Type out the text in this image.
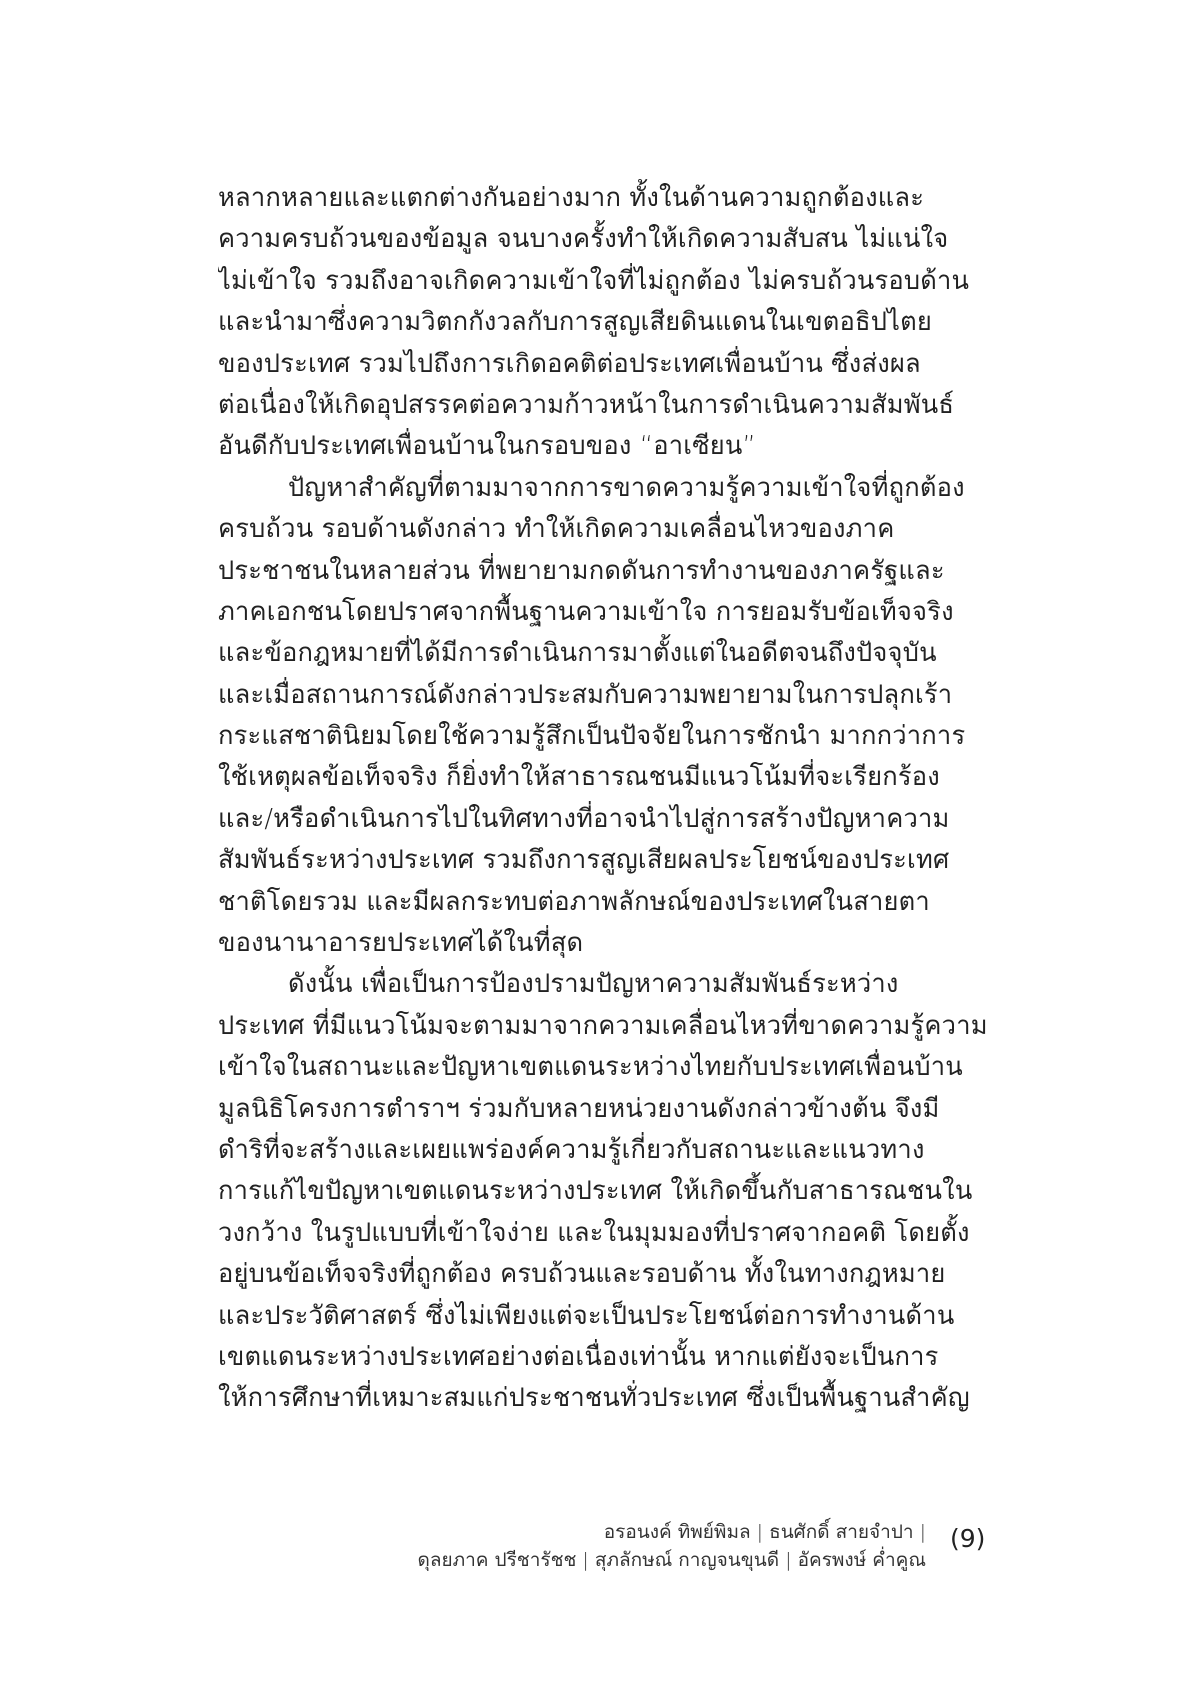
หลากหลายและแตกต่างกันอย่างมาก ทั้งในด้านความถูกต้องและ
ความครบถ้วนของข้อมูล จนบางครั้งทำให้เกิดความสับสน ไม่แน่ใจ
ไม่เข้าใจ รวมถึงอาจเกิดความเข้าใจที่ไม่ถูกต้อง ไม่ครบถ้วนรอบด้าน
และนำมาซึ่งความวิตกกังวลกับการสูญเสียดินแดนในเขตอธิปไตย
ของประเทศ รวมไปถึงการเกิดอคติต่อประเทศเพื่อนบ้าน ซึ่งส่งผล
ต่อเนื่องให้เกิดอุปสรรคต่อความก้าวหน้าในการดำเนินความสัมพันธ์
อันดีกับประเทศเพื่อนบ้านในกรอบของ “อาเซียน”
ปัญหาสำคัญที่ตามมาจากการขาดความรู้ความเข้าใจที่ถูกต้อง
ครบถ้วน รอบด้านดังกล่าว ทำให้เกิดความเคลื่อนไหวของภาค
ประชาชนในหลายส่วน ที่พยายามกดดันการทำงานของภาครัฐและ
ภาคเอกชนโดยปราศจากพื้นฐานความเข้าใจ การยอมรับข้อเท็จจริง
และข้อกฎหมายที่ได้มีการดำเนินการมาตั้งแต่ในอดีตจนถึงปัจจุบัน
และเมื่อสถานการณ์ดังกล่าวประสมกับความพยายามในการปลุกเร้า
กระแสชาตินิยมโดยใช้ความรู้สึกเป็นปัจจัยในการชักนำ มากกว่าการ
ใช้เหตุผลข้อเท็จจริง ก็ยิ่งทำให้สาธารณชนมีแนวโน้มที่จะเรียกร้อง
และ/หรือดำเนินการไปในทิศทางที่อาจนำไปสู่การสร้างปัญหาความ
สัมพันธ์ระหว่างประเทศ รวมถึงการสูญเสียผลประโยชน์ของประเทศ
ชาติโดยรวม และมีผลกระทบต่อภาพลักษณ์ของประเทศในสายตา
ของนานาอารยประเทศได้ในที่สุด
ดังนั้น เพื่อเป็นการป้องปรามปัญหาความสัมพันธ์ระหว่าง
ประเทศ ที่มีแนวโน้มจะตามมาจากความเคลื่อนไหวที่ขาดความรู้ความ
เข้าใจในสถานะและปัญหาเขตแดนระหว่างไทยกับประเทศเพื่อนบ้าน
มูลนิธิโครงการตำราฯ ร่วมกับหลายหน่วยงานดังกล่าวข้างต้น จึงมี
ดำริที่จะสร้างและเผยแพร่องค์ความรู้เกี่ยวกับสถานะและแนวทาง
การแก้ไขปัญหาเขตแดนระหว่างประเทศ ให้เกิดขึ้นกับสาธารณชนใน
วงกว้าง ในรูปแบบที่เข้าใจง่าย และในมุมมองที่ปราศจากอคติ โดยตั้ง
อยู่บนข้อเท็จจริงที่ถูกต้อง ครบถ้วนและรอบด้าน ทั้งในทางกฎหมาย
และประวัติศาสตร์ ซึ่งไม่เพียงแต่จะเป็นประโยชน์ต่อการทำงานด้าน
เขตแดนระหว่างประเทศอย่างต่อเนื่องเท่านั้น หากแต่ยังจะเป็นการ
ให้การศึกษาที่เหมาะสมแก่ประชาชนทั่วประเทศ ซึ่งเป็นพื้นฐานสำคัญ
อรอนงค์ ทิพย์พิมล | ธนศักดิ์ สายจำปา |
ดุลยภาค ปรีชารัชช | สุภลักษณ์ กาญจนขุนดี | อัครพงษ์ ค่ำคูณ
(9)
